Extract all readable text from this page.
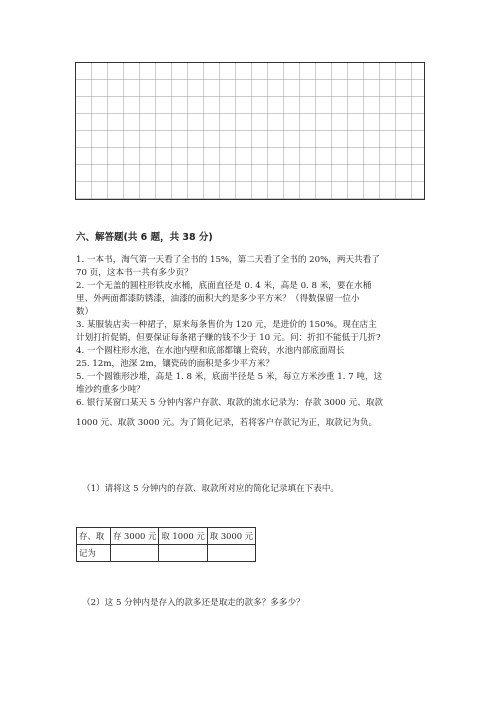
六、解答题(共 6 题，共 38 分)
1. 一本书，淘气第一天看了全书的 15%，第二天看了全书的 20%，两天共看了
70 页，这本书一共有多少页？
2. 一个无盖的圆柱形铁皮水桶，底面直径是 0. 4 米，高是 0. 8 米，要在水桶
里、外两面都漆防锈漆，油漆的面积大约是多少平方米？（得数保留一位小
数）
3. 某服装店卖一种裙子，原来每条售价为 120 元，是进价的 150%。现在店主
计划打折促销，但要保证每条裙子赚的钱不少于 10 元。问：折扣不能低于几折?
4. 一个圆柱形水池，在水池内壁和底部都镶上瓷砖，水池内部底面周长
25. 12m，池深 2m，镶瓷砖的面积是多少平方米？
5. 一个圆锥形沙堆，高是 1. 8 米，底面半径是 5 米，每立方米沙重 1. 7 吨，这
堆沙约重多少吨？
6. 银行某窗口某天 5 分钟内客户存款、取款的流水记录为：存款 3000 元、取款
1000 元、取款 3000 元。为了简化记录，若将客户存款记为正，取款记为负。
（1）请将这 5 分钟内的存款、取款所对应的简化记录填在下表中。
存、取	存 3000 元	取 1000 元	取 3000 元
记为			
（2）这 5 分钟内是存入的款多还是取走的款多？多多少？
